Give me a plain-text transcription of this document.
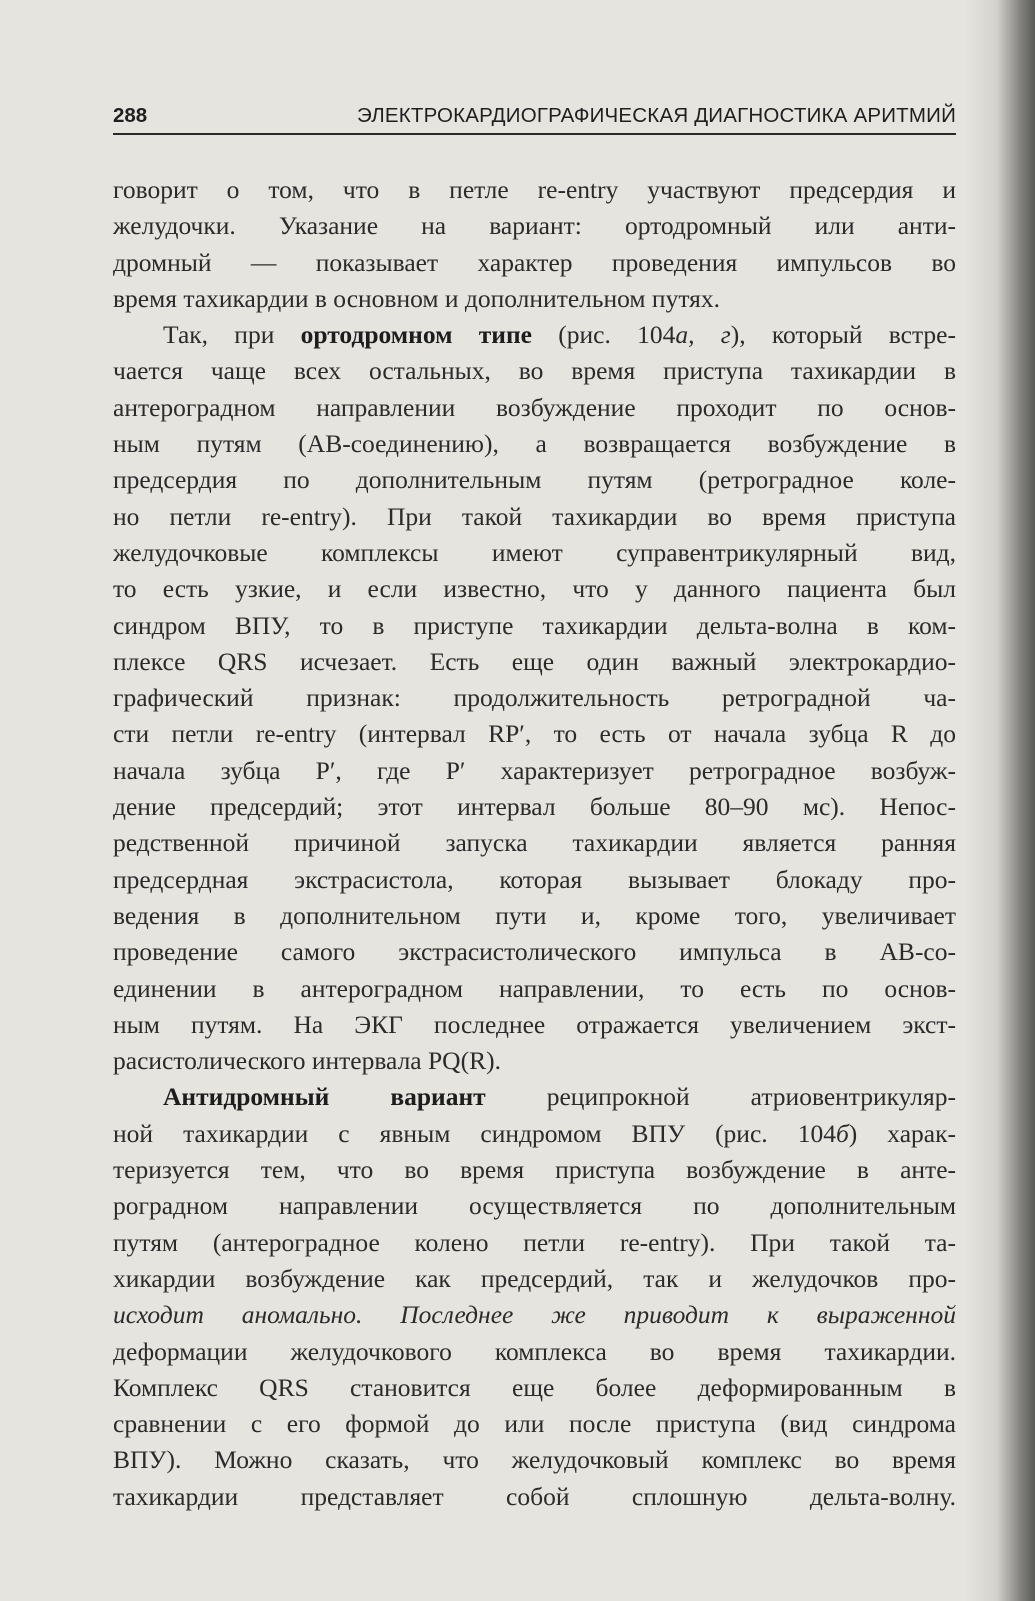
288	ЭЛЕКТРОКАРДИОГРАФИЧЕСКАЯ ДИАГНОСТИКА АРИТМИЙ
говорит о том, что в петле re-entry участвуют предсердия и
желудочки. Указание на вариант: ортодромный или анти-
дромный — показывает характер проведения импульсов во
время тахикардии в основном и дополнительном путях.
Так, при ортодромном типе (рис. 104а, г), который встре-
чается чаще всех остальных, во время приступа тахикардии в
антероградном направлении возбуждение проходит по основ-
ным путям (АВ-соединению), а возвращается возбуждение в
предсердия по дополнительным путям (ретроградное коле-
но петли re-entry). При такой тахикардии во время приступа
желудочковые комплексы имеют суправентрикулярный вид,
то есть узкие, и если известно, что у данного пациента был
синдром ВПУ, то в приступе тахикардии дельта-волна в ком-
плексе QRS исчезает. Есть еще один важный электрокардио-
графический признак: продолжительность ретроградной ча-
сти петли re-entry (интервал RP′, то есть от начала зубца R до
начала зубца P′, где P′ характеризует ретроградное возбуж-
дение предсердий; этот интервал больше 80–90 мс). Непос-
редственной причиной запуска тахикардии является ранняя
предсердная экстрасистола, которая вызывает блокаду про-
ведения в дополнительном пути и, кроме того, увеличивает
проведение самого экстрасистолического импульса в АВ-со-
единении в антероградном направлении, то есть по основ-
ным путям. На ЭКГ последнее отражается увеличением экст-
расистолического интервала PQ(R).
Антидромный вариант реципрокной атриовентрикуляр-
ной тахикардии с явным синдромом ВПУ (рис. 104б) харак-
теризуется тем, что во время приступа возбуждение в анте-
роградном направлении осуществляется по дополнительным
путям (антероградное колено петли re-entry). При такой та-
хикардии возбуждение как предсердий, так и желудочков про-
исходит аномально. Последнее же приводит к выраженной
деформации желудочкового комплекса во время тахикардии.
Комплекс QRS становится еще более деформированным в
сравнении с его формой до или после приступа (вид синдрома
ВПУ). Можно сказать, что желудочковый комплекс во время
тахикардии представляет собой сплошную дельта-волну.
